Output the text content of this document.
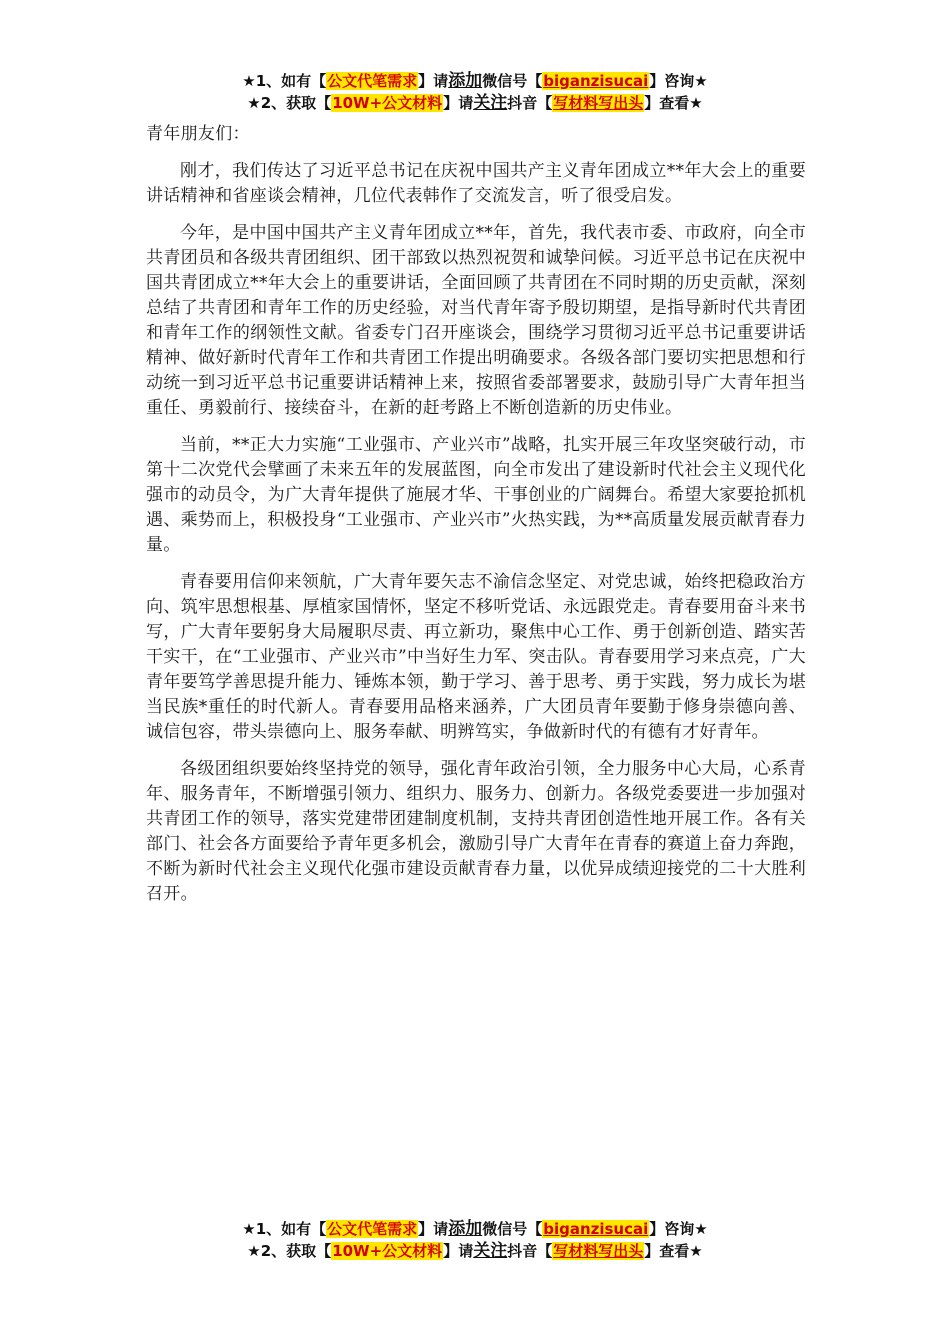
★1、如有【公文代笔需求】请添加微信号【biganzisucai】咨询★
★2、获取【10W+公文材料】请关注抖音【写材料写出头】查看★

青年朋友们：

刚才，我们传达了习近平总书记在庆祝中国共产主义青年团成立**年大会上的重要讲话精神和省座谈会精神，几位代表韩作了交流发言，听了很受启发。

今年，是中国中国共产主义青年团成立**年，首先，我代表市委、市政府，向全市共青团员和各级共青团组织、团干部致以热烈祝贺和诚挚问候。习近平总书记在庆祝中国共青团成立**年大会上的重要讲话，全面回顾了共青团在不同时期的历史贡献，深刻总结了共青团和青年工作的历史经验，对当代青年寄予殷切期望，是指导新时代共青团和青年工作的纲领性文献。省委专门召开座谈会，围绕学习贯彻习近平总书记重要讲话精神、做好新时代青年工作和共青团工作提出明确要求。各级各部门要切实把思想和行动统一到习近平总书记重要讲话精神上来，按照省委部署要求，鼓励引导广大青年担当重任、勇毅前行、接续奋斗，在新的赶考路上不断创造新的历史伟业。

当前，**正大力实施“工业强市、产业兴市”战略，扎实开展三年攻坚突破行动，市第十二次党代会擘画了未来五年的发展蓝图，向全市发出了建设新时代社会主义现代化强市的动员令，为广大青年提供了施展才华、干事创业的广阔舞台。希望大家要抢抓机遇、乘势而上，积极投身“工业强市、产业兴市”火热实践，为**高质量发展贡献青春力量。

青春要用信仰来领航，广大青年要矢志不渝信念坚定、对党忠诚，始终把稳政治方向、筑牢思想根基、厚植家国情怀，坚定不移听党话、永远跟党走。青春要用奋斗来书写，广大青年要躬身大局履职尽责、再立新功，聚焦中心工作、勇于创新创造、踏实苦干实干，在“工业强市、产业兴市”中当好生力军、突击队。青春要用学习来点亮，广大青年要笃学善思提升能力、锤炼本领，勤于学习、善于思考、勇于实践，努力成长为堪当民族*重任的时代新人。青春要用品格来涵养，广大团员青年要勤于修身崇德向善、诚信包容，带头崇德向上、服务奉献、明辨笃实，争做新时代的有德有才好青年。

各级团组织要始终坚持党的领导，强化青年政治引领，全力服务中心大局，心系青年、服务青年，不断增强引领力、组织力、服务力、创新力。各级党委要进一步加强对共青团工作的领导，落实党建带团建制度机制，支持共青团创造性地开展工作。各有关部门、社会各方面要给予青年更多机会，激励引导广大青年在青春的赛道上奋力奔跑，不断为新时代社会主义现代化强市建设贡献青春力量，以优异成绩迎接党的二十大胜利召开。

★1、如有【公文代笔需求】请添加微信号【biganzisucai】咨询★
★2、获取【10W+公文材料】请关注抖音【写材料写出头】查看★
